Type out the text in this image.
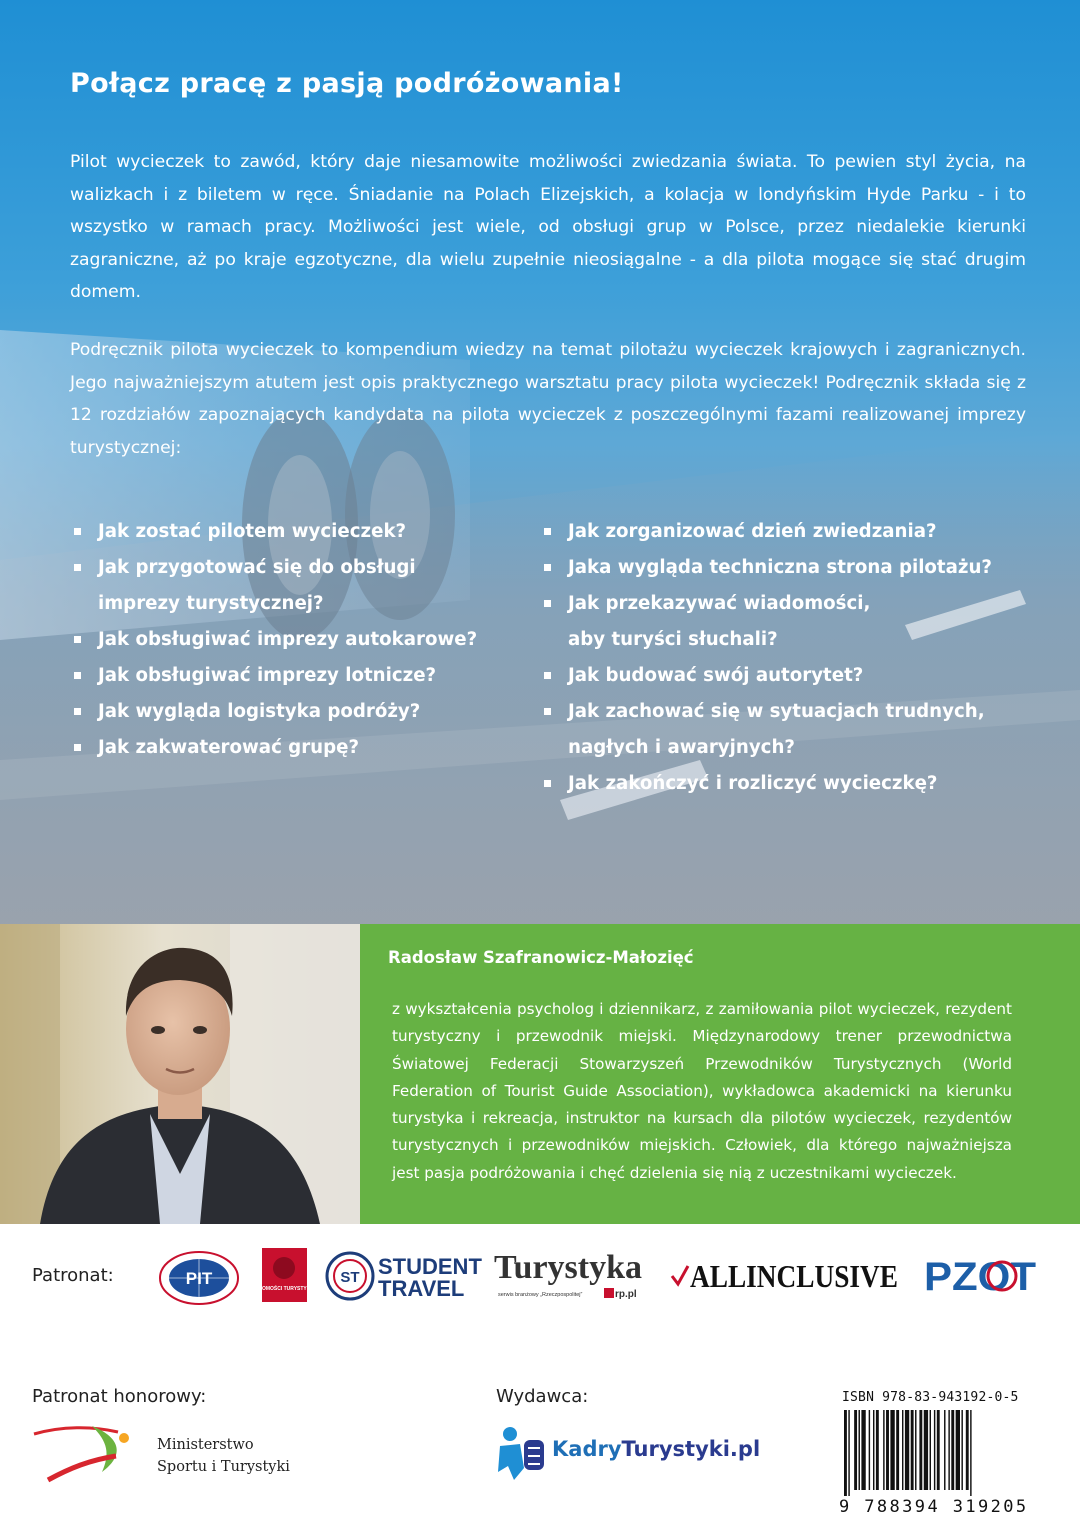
Połącz pracę z pasją podróżowania!

Pilot wycieczek to zawód, który daje niesamowite możliwości zwiedzania świata. To pewien styl życia, na walizkach i z biletem w ręce. Śniadanie na Polach Elizejskich, a kolacja w londyńskim Hyde Parku - i to wszystko w ramach pracy. Możliwości jest wiele, od obsługi grup w Polsce, przez niedalekie kierunki zagraniczne, aż po kraje egzotyczne, dla wielu zupełnie nieosiągalne - a dla pilota mogące się stać drugim domem.

Podręcznik pilota wycieczek to kompendium wiedzy na temat pilotażu wycieczek krajowych i zagranicznych. Jego najważniejszym atutem jest opis praktycznego warsztatu pracy pilota wycieczek! Podręcznik składa się z 12 rozdziałów zapoznających kandydata na pilota wycieczek z poszczególnymi fazami realizowanej imprezy turystycznej:

Jak zostać pilotem wycieczek?
Jak przygotować się do obsługi imprezy turystycznej?
Jak obsługiwać imprezy autokarowe?
Jak obsługiwać imprezy lotnicze?
Jak wygląda logistyka podróży?
Jak zakwaterować grupę?
Jak zorganizować dzień zwiedzania?
Jaka wygląda techniczna strona pilotażu?
Jak przekazywać wiadomości, aby turyści słuchali?
Jak budować swój autorytet?
Jak zachować się w sytuacjach trudnych, nagłych i awaryjnych?
Jak zakończyć i rozliczyć wycieczkę?
Radosław Szafranowicz-Małozięć

z wykształcenia psycholog i dziennikarz, z zamiłowania pilot wycieczek, rezydent turystyczny i przewodnik miejski. Międzynarodowy trener przewodnictwa Światowej Federacji Stowarzyszeń Przewodników Turystycznych (World Federation of Tourist Guide Association), wykładowca akademicki na kierunku turystyka i rekreacja, instruktor na kursach dla pilotów wycieczek, rezydentów turystycznych i przewodników miejskich. Człowiek, dla którego najważniejsza jest pasja podróżowania i chęć dzielenia się nią z uczestnikami wycieczek.

Patronat:	PIT
WIADOMOŚCI TURYSTYCZNE
ST STUDENT
TRAVEL
Turystyka
serwis branżowy „Rzeczpospolitej”	rp.pl
ALLINCLUSIVE PZOT
Patronat honorowy:
Ministerstwo
Sportu i Turystyki
Wydawca:
KadryTurystyki.pl
ISBN 978-83-943192-0-5
9 788394 319205
